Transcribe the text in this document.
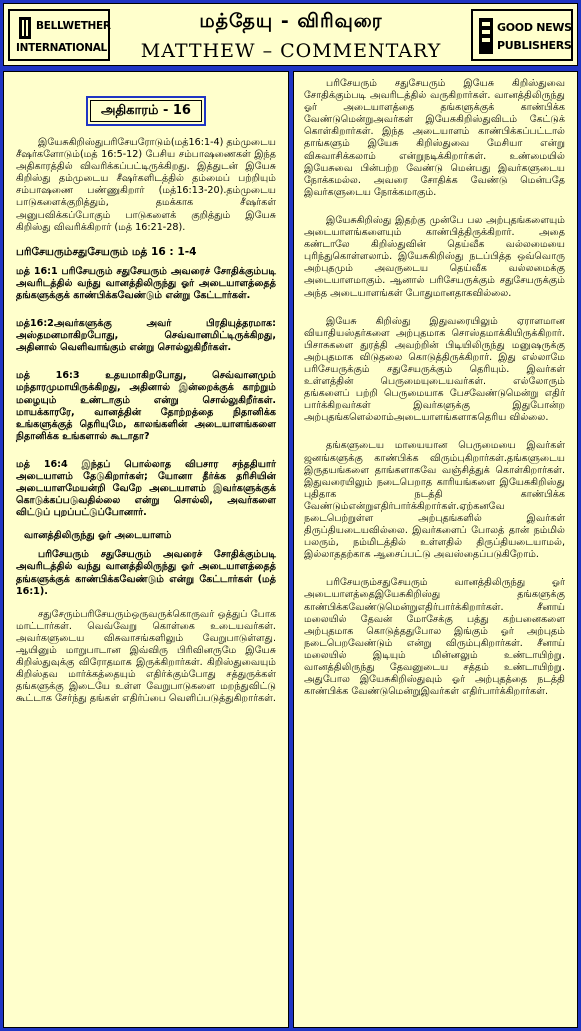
BELLWETHER
INTERNATIONAL
மத்தேயு - விரிவுரை
MATTHEW – COMMENTARY
GOOD NEWS
PUBLISHERS
அதிகாரம் - 16

இயேசுகிறிஸ்துபரிசேயரோடும்(மத்16:1-4) தம்முடைய சீஷர்களோடும்(மத் 16:5-12) பேசிய சம்பாஷணைகள் இந்த அதிகாரத்தில் விவரிக்கப்பட்டிருக்கிறது. இத்துடன் இயேசு கிறிஸ்து தம்முடைய சீஷர்களிடத்தில் தம்மைப் பற்றியும் சம்பாஷணை பண்ணுகிறார் (மத்16:13-20).தம்முடைய பாடுகளைக்குறித்தும், தமக்காக சீஷர்கள் அனுபவிக்கப்போகும் பாடுகளைக் குறித்தும் இயேசு கிறிஸ்து விவரிக்கிறார் (மத் 16:21-28).

பரிசேயரும்சதுசேயரும் மத் 16 : 1-4

மத் 16:1 பரிசேயரும் சதுசேயரும் அவரைச் சோதிக்கும்படி அவரிடத்தில் வந்து வானத்திலிருந்து ஓர் அடையாளத்தைத் தங்களுக்குக் காண்பிக்கவேண்டும் என்று கேட்டார்கள்.

மத்16:2அவர்களுக்கு அவர் பிரதியுத்தரமாக: அஸ்தமனமாகிறபோது, செவ்வானமிட்டிருக்கிறது, அதினால் வெளிவாங்கும் என்று சொல்லுகிறீர்கள்.

மத் 16:3 உதயமாகிறபோது, செவ்வானமும் மந்தாரமுமாயிருக்கிறது, அதினால் இன்றைக்குக் காற்றும் மழையும் உண்டாகும் என்று சொல்லுகிறீர்கள். மாயக்காரரே, வானத்தின் தோற்றத்தை நிதானிக்க உங்களுக்குத் தெரியுமே, காலங்களின் அடையாளங்களை நிதானிக்க உங்களால் கூடாதா?

மத் 16:4 இந்தப் பொல்லாத விபசார சந்ததியார் அடையாளம் தேடுகிறார்கள்; யோனா தீர்க்க தரிசியின் அடையாளமேயன்றி வேறே அடையாளம் இவர்களுக்குக் கொடுக்கப்படுவதில்லை என்று சொல்லி, அவர்களை விட்டுப் புறப்பட்டுப்போனார்.

வானத்திலிருந்து ஓர் அடையாளம்

பரிசேயரும் சதுசேயரும் அவரைச் சோதிக்கும்படி அவரிடத்தில் வந்து வானத்திலிருந்து ஓர் அடையாளத்தைத் தங்களுக்குக் காண்பிக்கவேண்டும் என்று கேட்டார்கள் (மத் 16:1).

சதுசேரும்பரிசேயரும்ஒருவருக்கொருவர் ஒத்துப் போக மாட்டார்கள். வெவ்வேறு கொள்கை உடையவர்கள். அவர்களுடைய விசுவாசங்களிலும் வேறுபாடுள்ளது. ஆயினும் மாறுபாடான இவ்விரு பிரிவினருமே இயேசு கிறிஸ்துவுக்கு விரோதமாக இருக்கிறார்கள். கிறிஸ்துவையும் கிறிஸ்தவ மார்க்கத்தையும் எதிர்க்கும்போது சத்துருக்கள் தங்களுக்கு இடையே உள்ள வேறுபாடுகளை மறந்துவிட்டு கூட்டாக சேர்ந்து தங்கள் எதிர்ப்பை வெளிப்படுத்துகிறார்கள்.

பரிசேயரும் சதுசேயரும் இயேசு கிறிஸ்துவை சோதிக்கும்படி அவரிடத்தில் வருகிறார்கள். வானத்திலிருந்து ஓர் அடையாளத்தை தங்களுக்குக் காண்பிக்க வேண்டுமென்றுஅவர்கள் இயேசுகிறிஸ்துவிடம் கேட்டுக் கொள்கிறார்கள். இந்த அடையாளம் காண்பிக்கப்பட்டால் தாங்களும் இயேசு கிறிஸ்துவை மேசியா என்று விசுவாசிக்கலாம் என்றுநடிக்கிறார்கள். உண்மையில் இயேசுவை பின்பற்ற வேண்டு மென்பது இவர்களுடைய நோக்கமல்ல. அவரை சோதிக்க வேண்டு மென்பதே இவர்களுடைய நோக்கமாகும்.

இயேசுகிறிஸ்து இதற்கு முன்பே பல அற்புதங்களையும் அடையாளங்களையும் காண்பித்திருக்கிறார். அதை கண்டாலே கிறிஸ்துவின் தெய்வீக வல்லமையை புரிந்துகொள்ளலாம். இயேசுகிறிஸ்து நடப்பித்த ஒவ்வொரு அற்புதமும் அவருடைய தெய்வீக வல்லமைக்கு அடையாளமாகும். ஆனால் பரிசேயருக்கும் சதுசேயருக்கும் அந்த அடையாளங்கள் போதுமானதாகவில்லை.

இயேசு கிறிஸ்து இதுவரையிலும் ஏராளமான வியாதியஸ்தர்களை அற்புதமாக சொஸ்தமாக்கியிருக்கிறார். பிசாசுகளை துரத்தி அவற்றின் பிடியிலிருந்து மனுஷருக்கு அற்புதமாக விடுதலை கொடுத்திருக்கிறார். இது எல்லாமே பரிசேயருக்கும் சதுசேயருக்கும் தெரியும். இவர்கள் உள்ளத்தின் பெருமையுடையவர்கள். எல்லோரும் தங்களைப் பற்றி பெருமையாக பேசவேண்டுமென்று எதிர் பார்க்கிறவர்கள் இவர்களுக்கு இதுபோன்ற அற்புதங்களெல்லாம்அடையாளங்களாகதெரிய வில்லை.

தங்களுடைய மாயையான பெருமையை இவர்கள் ஜனங்களுக்கு காண்பிக்க விரும்புகிறார்கள்.தங்களுடைய இருதயங்களை தாங்களாகவே வஞ்சித்துக் கொள்கிறார்கள். இதுவரையிலும் நடைபெறாத காரியங்களை இயேசுகிறிஸ்து புதிதாக நடத்தி காண்பிக்க வேண்டும்என்றுஎதிர்பார்க்கிறார்கள்.ஏற்கனவே நடைபெற்றுள்ள அற்புதங்களில் இவர்கள் திருப்தியடையவில்லை. இவர்களைப் போலத் தான் நம்மில் பலரும், நம்மிடத்தில் உள்ளதில் திருப்தியடையாமல், இல்லாததற்காக ஆசைப்பட்டு அவஸ்தைப்படுகிறோம்.

பரிசேயரும்சதுசேயரும் வானத்திலிருந்து ஓர் அடையாளத்தைஇயேசுகிறிஸ்து தங்களுக்கு காண்பிக்கவேண்டுமென்றுஎதிர்பார்க்கிறார்கள். சீனாய் மலையில் தேவன் மோசேக்கு பத்து கற்பனைகளை அற்புதமாக கொடுத்ததுபோல இங்கும் ஓர் அற்புதம் நடைபெறவேண்டும் என்று விரும்புகிறார்கள். சீனாய் மலையில் இடியும் மின்னலும் உண்டாயிற்று. வானத்திலிருந்து தேவனுடைய சத்தம் உண்டாயிற்று. அதுபோல இயேசுகிறிஸ்துவும் ஓர் அற்புதத்தை நடத்தி காண்பிக்க வேண்டுமென்றுஇவர்கள் எதிர்பார்க்கிறார்கள்.
